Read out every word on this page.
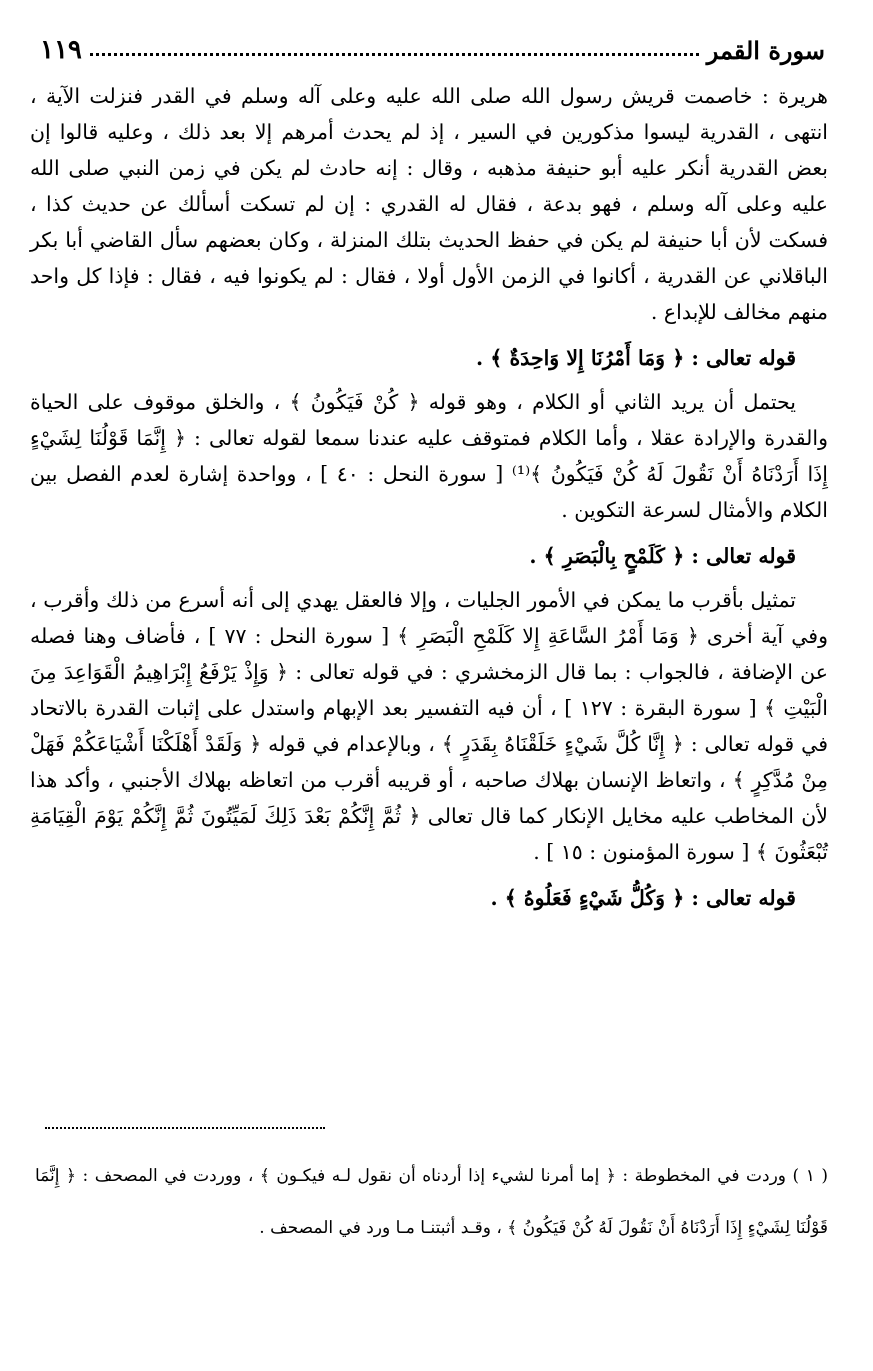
سورة القمر
١١٩

هريرة : خاصمت قريش رسول الله صلى الله عليه وعلى آله وسلم في القدر فنزلت الآية ، انتهى ، القدرية ليسوا مذكورين في السير ، إذ لم يحدث أمرهم إلا بعد ذلك ، وعليه قالوا إن بعض القدرية أنكر عليه أبو حنيفة مذهبه ، وقال : إنه حادث لم يكن في زمن النبي صلى الله عليه وعلى آله وسلم ، فهو بدعة ، فقال له القدري : إن لم تسكت أسألك عن حديث كذا ، فسكت لأن أبا حنيفة لم يكن في حفظ الحديث بتلك المنزلة ، وكان بعضهم سأل القاضي أبا بكر الباقلاني عن القدرية ، أكانوا في الزمن الأول أولا ، فقال : لم يكونوا فيه ، فقال : فإذا كل واحد منهم مخالف للإبداع .

قوله تعالى : ﴿ وَمَا أَمْرُنَا إِلا وَاحِدَةٌ ﴾ .

يحتمل أن يريد الثاني أو الكلام ، وهو قوله ﴿ كُنْ فَيَكُونُ ﴾ ، والخلق موقوف على الحياة والقدرة والإرادة عقلا ، وأما الكلام فمتوقف عليه عندنا سمعا لقوله تعالى : ﴿ إِنَّمَا قَوْلُنَا لِشَيْءٍ إِذَا أَرَدْنَاهُ أَنْ نَقُولَ لَهُ كُنْ فَيَكُونُ ﴾⁽¹⁾ [ سورة النحل : ٤٠ ] ، وواحدة إشارة لعدم الفصل بين الكلام والأمثال لسرعة التكوين .

قوله تعالى : ﴿ كَلَمْحٍ بِالْبَصَرِ ﴾ .

تمثيل بأقرب ما يمكن في الأمور الجليات ، وإلا فالعقل يهدي إلى أنه أسرع من ذلك وأقرب ، وفي آية أخرى ﴿ وَمَا أَمْرُ السَّاعَةِ إِلا كَلَمْحِ الْبَصَرِ ﴾ [ سورة النحل : ٧٧ ] ، فأضاف وهنا فصله عن الإضافة ، فالجواب : بما قال الزمخشري : في قوله تعالى : ﴿ وَإِذْ يَرْفَعُ إِبْرَاهِيمُ الْقَوَاعِدَ مِنَ الْبَيْتِ ﴾ [ سورة البقرة : ١٢٧ ] ، أن فيه التفسير بعد الإبهام واستدل على إثبات القدرة بالاتحاد في قوله تعالى : ﴿ إِنَّا كُلَّ شَيْءٍ خَلَقْنَاهُ بِقَدَرٍ ﴾ ، وبالإعدام في قوله ﴿ وَلَقَدْ أَهْلَكْنَا أَشْيَاعَكُمْ فَهَلْ مِنْ مُدَّكِرٍ ﴾ ، واتعاظ الإنسان بهلاك صاحبه ، أو قريبه أقرب من اتعاظه بهلاك الأجنبي ، وأكد هذا لأن المخاطب عليه مخايل الإنكار كما قال تعالى ﴿ ثُمَّ إِنَّكُمْ بَعْدَ ذَلِكَ لَمَيِّتُونَ ثُمَّ إِنَّكُمْ يَوْمَ الْقِيَامَةِ تُبْعَثُونَ ﴾ [ سورة المؤمنون : ١٥ ] .

قوله تعالى : ﴿ وَكُلُّ شَيْءٍ فَعَلُوهُ ﴾ .

( ١ ) وردت في المخطوطة : ﴿ إما أمرنا لشيء إذا أردناه أن نقول لـه فيكـون ﴾ ، ووردت في المصحف : ﴿ إِنَّمَا قَوْلُنَا لِشَيْءٍ إِذَا أَرَدْنَاهُ أَنْ نَقُولَ لَهُ كُنْ فَيَكُونُ ﴾ ، وقـد أثبتنـا مـا ورد في المصحف .
